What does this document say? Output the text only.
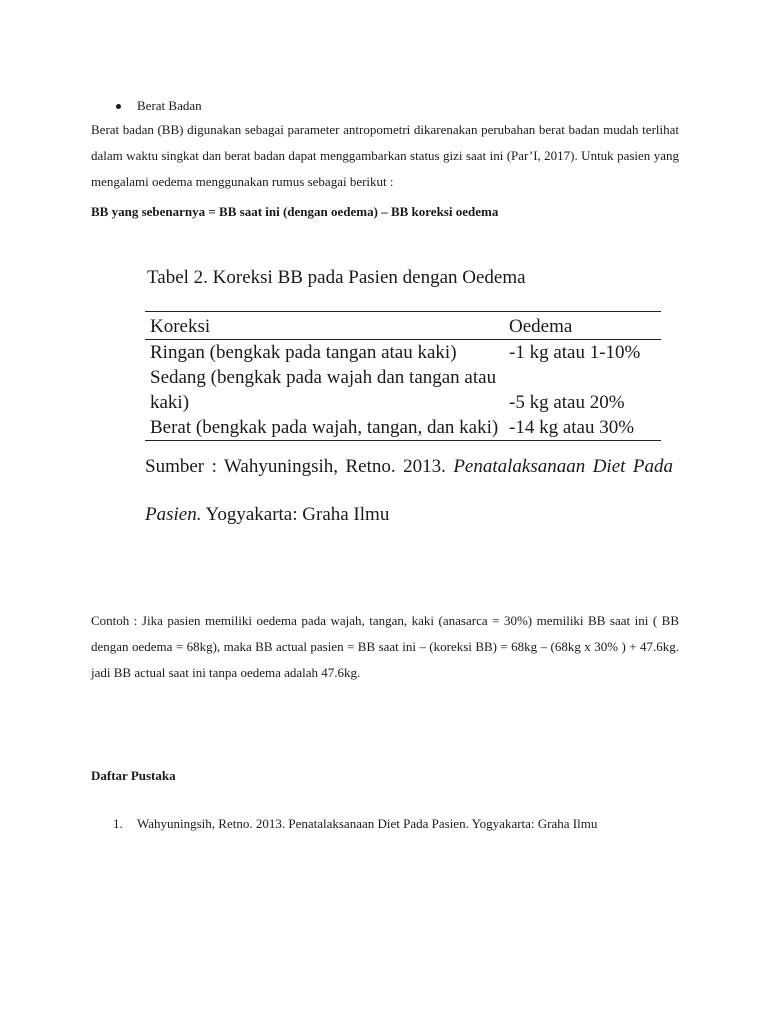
Berat Badan

Berat badan (BB) digunakan sebagai parameter antropometri dikarenakan perubahan berat badan mudah terlihat dalam waktu singkat dan berat badan dapat menggambarkan status gizi saat ini (Par’I, 2017). Untuk pasien yang mengalami oedema menggunakan rumus sebagai berikut :

BB yang sebenarnya = BB saat ini (dengan oedema) – BB koreksi oedema

Tabel 2. Koreksi BB pada Pasien dengan Oedema
Koreksi	Oedema
Ringan (bengkak pada tangan atau kaki)	-1 kg atau 1-10%
Sedang (bengkak pada wajah dan tangan atau kaki)	-5 kg atau 20%
Berat (bengkak pada wajah, tangan, dan kaki)	-14 kg atau 30%
Sumber : Wahyuningsih, Retno. 2013. Penatalaksanaan Diet Pada Pasien. Yogyakarta: Graha Ilmu

Contoh : Jika pasien memiliki oedema pada wajah, tangan, kaki (anasarca = 30%) memiliki BB saat ini ( BB dengan oedema = 68kg), maka BB actual pasien = BB saat ini – (koreksi BB) = 68kg – (68kg x 30% ) + 47.6kg. jadi BB actual saat ini tanpa oedema adalah 47.6kg.

Daftar Pustaka
1.	Wahyuningsih, Retno. 2013. Penatalaksanaan Diet Pada Pasien. Yogyakarta: Graha Ilmu
